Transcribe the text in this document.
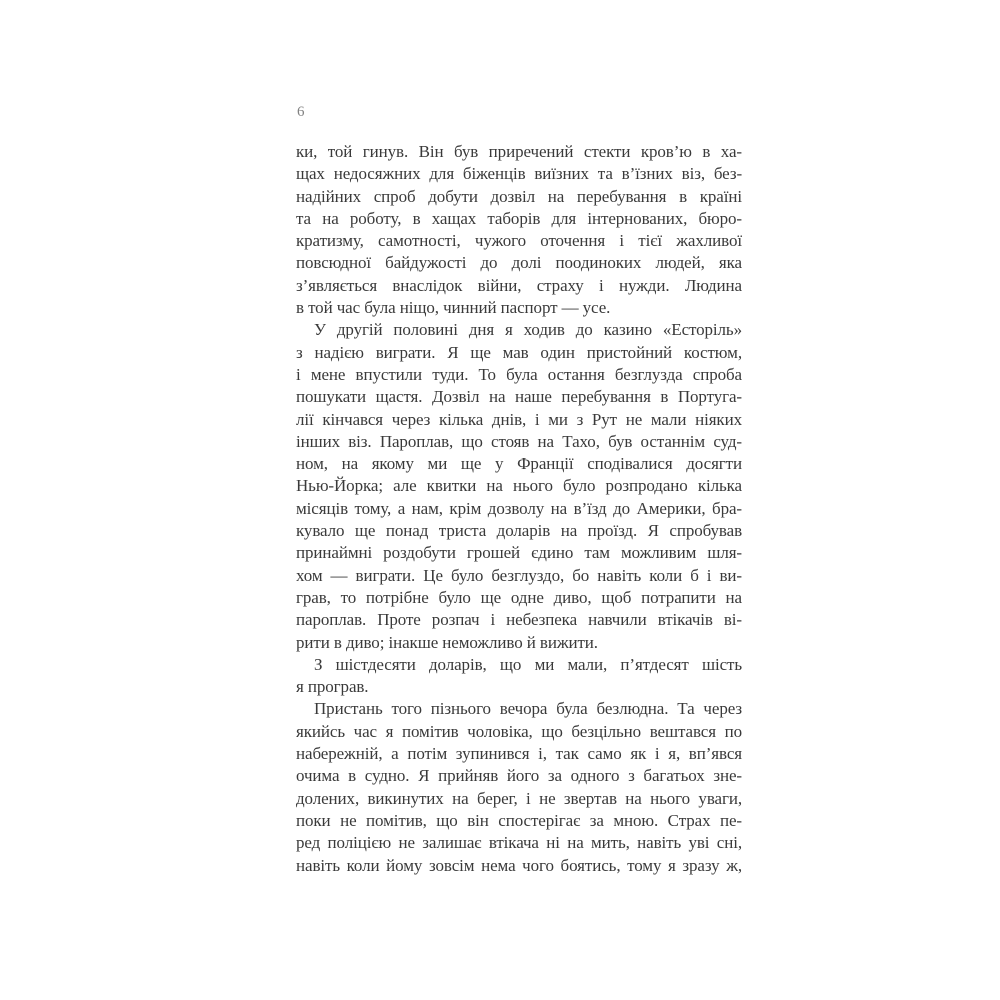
6
ки, той гинув. Він був приречений стекти кров’ю в ха-
щах недосяжних для біженців виїзних та в’їзних віз, без-
надійних спроб добути дозвіл на перебування в країні
та на роботу, в хащах таборів для інтернованих, бюро-
кратизму, самотності, чужого оточення і тієї жахливої
повсюдної байдужості до долі поодиноких людей, яка
з’являється внаслідок війни, страху і нужди. Людина
в той час була ніщо, чинний паспорт — усе.
У другій половині дня я ходив до казино «Есторіль»
з надією виграти. Я ще мав один пристойний костюм,
і мене впустили туди. То була остання безглузда спроба
пошукати щастя. Дозвіл на наше перебування в Португа-
лії кінчався через кілька днів, і ми з Рут не мали ніяких
інших віз. Пароплав, що стояв на Тахо, був останнім суд-
ном, на якому ми ще у Франції сподівалися досягти
Нью-Йорка; але квитки на нього було розпродано кілька
місяців тому, а нам, крім дозволу на в’їзд до Америки, бра-
кувало ще понад триста доларів на проїзд. Я спробував
принаймні роздобути грошей єдино там можливим шля-
хом — виграти. Це було безглуздо, бо навіть коли б і ви-
грав, то потрібне було ще одне диво, щоб потрапити на
пароплав. Проте розпач і небезпека навчили втікачів ві-
рити в диво; інакше неможливо й вижити.
З шістдесяти доларів, що ми мали, п’ятдесят шість
я програв.
Пристань того пізнього вечора була безлюдна. Та через
якийсь час я помітив чоловіка, що безцільно вештався по
набережній, а потім зупинився і, так само як і я, вп’явся
очима в судно. Я прийняв його за одного з багатьох зне-
долених, викинутих на берег, і не звертав на нього уваги,
поки не помітив, що він спостерігає за мною. Страх пе-
ред поліцією не залишає втікача ні на мить, навіть уві сні,
навіть коли йому зовсім нема чого боятись, тому я зразу ж,
